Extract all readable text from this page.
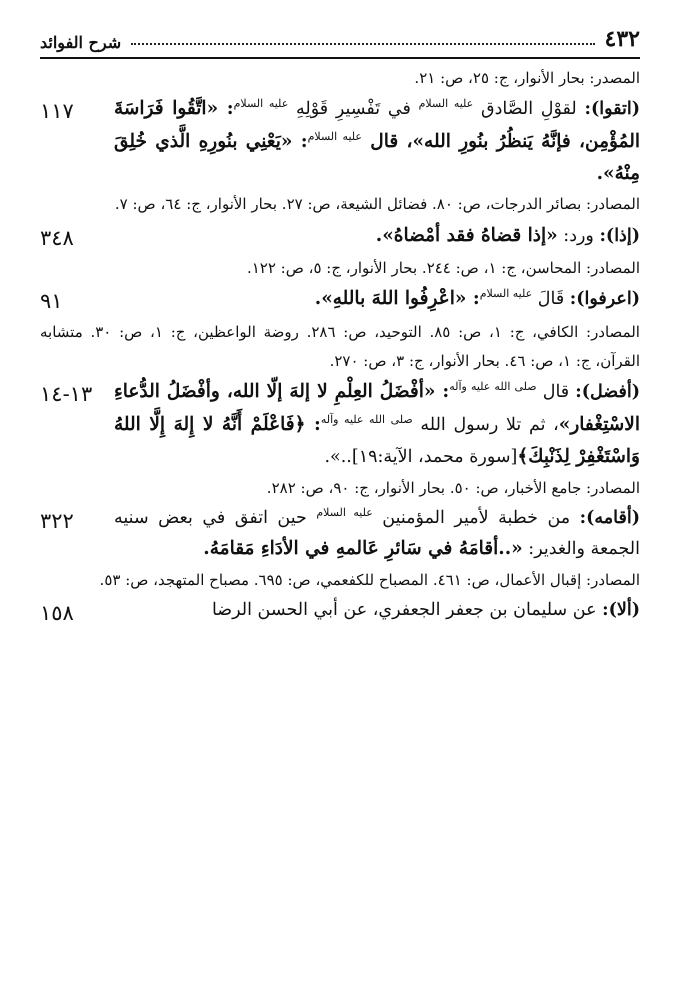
٤٣٢
شرح الفوائد
المصدر: بحار الأنوار، ج: ٢٥، ص: ٢١.
(اتقوا): لقوْلِ الصَّادق $^{عليه السلام}$ في تَفْسِيرِ قَوْلِهِ $^{عليه السلام}$: «اتَّقُوا فَرَاسَةَ المُؤْمِن، فإنَّهُ يَنظُرُ بنُورِ الله»، قال $^{عليه السلام}$: «يَعْنِي بنُورِهِ الَّذي خُلِقَ مِنْهُ».
١١٧
المصادر: بصائر الدرجات، ص: ٨٠. فضائل الشيعة، ص: ٢٧. بحار الأنوار، ج: ٦٤، ص: ٧.
(إذا): ورد: «إذا قضاهُ فقد أمْضاهُ».
٣٤٨
المصادر: المحاسن، ج: ١، ص: ٢٤٤. بحار الأنوار، ج: ٥، ص: ١٢٢.
(اعرفوا): قَالَ $^{عليه السلام}$: «اعْرِفُوا اللهَ باللهِ».
٩١
المصادر: الكافي، ج: ١، ص: ٨٥. التوحيد، ص: ٢٨٦. روضة الواعظين، ج: ١، ص: ٣٠. متشابه القرآن، ج: ١، ص: ٤٦. بحار الأنوار، ج: ٣، ص: ٢٧٠.
(أفضل): قال $^{صلى الله عليه وآله}$: «أفْضَلُ العِلْمِ لا إلهَ إلّا الله، وأفْضَلُ الدُّعاءِ الاسْتِغْفار»، ثم تلا رسول الله $^{صلى الله عليه وآله}$: ﴿فَاعْلَمْ أَنَّهُ لا إِلهَ إِلَّا اللهُ وَاسْتَغْفِرْ لِذَنْبِكَ﴾[سورة محمد، الآية:١٩]..».
١٣-١٤
المصادر: جامع الأخبار، ص: ٥٠. بحار الأنوار، ج: ٩٠، ص: ٢٨٢.
(أقامه): من خطبة لأمير المؤمنين $^{عليه السلام}$ حين اتفق في بعض سنيه الجمعة والغدير: «..أقامَهُ في سَائرِ عَالمهِ في الأدَاءِ مَقامَهُ.
٣٢٢
المصادر: إقبال الأعمال، ص: ٤٦١. المصباح للكفعمي، ص: ٦٩٥. مصباح المتهجد، ص: ٥٣.
(ألا): عن سليمان بن جعفر الجعفري، عن أبي الحسن الرضا
١٥٨
